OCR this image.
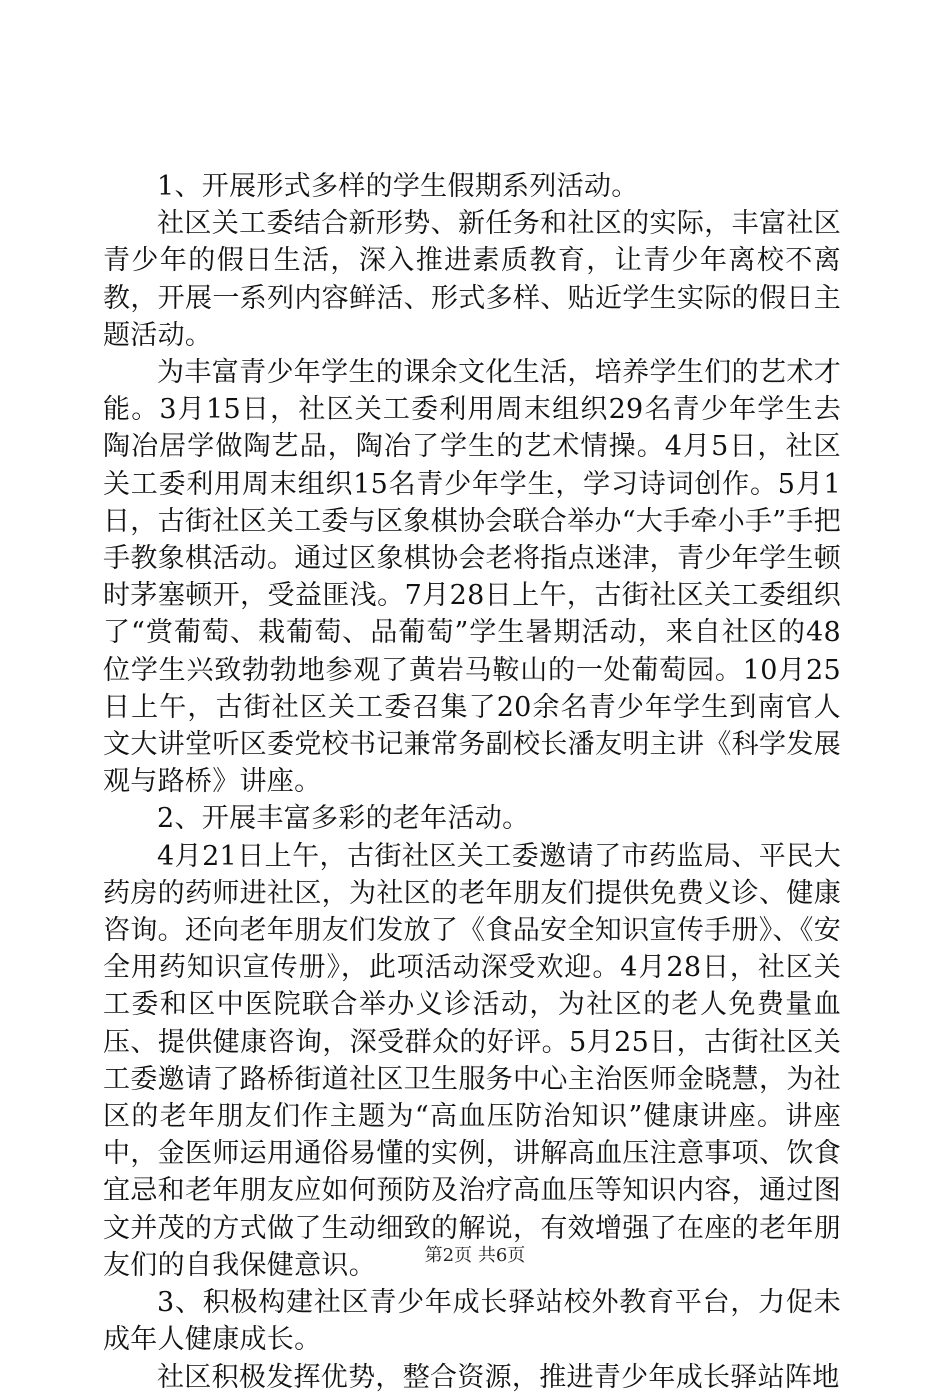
1、开展形式多样的学生假期系列活动。

社区关工委结合新形势、新任务和社区的实际，丰富社区青少年的假日生活，深入推进素质教育，让青少年离校不离教，开展一系列内容鲜活、形式多样、贴近学生实际的假日主题活动。

为丰富青少年学生的课余文化生活，培养学生们的艺术才能。3月15日，社区关工委利用周末组织29名青少年学生去陶冶居学做陶艺品，陶冶了学生的艺术情操。4月5日，社区关工委利用周末组织15名青少年学生，学习诗词创作。5月1日，古街社区关工委与区象棋协会联合举办“大手牵小手”手把手教象棋活动。通过区象棋协会老将指点迷津，青少年学生顿时茅塞顿开，受益匪浅。7月28日上午，古街社区关工委组织了“赏葡萄、栽葡萄、品葡萄”学生暑期活动，来自社区的48位学生兴致勃勃地参观了黄岩马鞍山的一处葡萄园。10月25日上午，古街社区关工委召集了20余名青少年学生到南官人文大讲堂听区委党校书记兼常务副校长潘友明主讲《科学发展观与路桥》讲座。

2、开展丰富多彩的老年活动。

4月21日上午，古街社区关工委邀请了市药监局、平民大药房的药师进社区，为社区的老年朋友们提供免费义诊、健康咨询。还向老年朋友们发放了《食品安全知识宣传手册》、《安全用药知识宣传册》，此项活动深受欢迎。4月28日，社区关工委和区中医院联合举办义诊活动，为社区的老人免费量血压、提供健康咨询，深受群众的好评。5月25日，古街社区关工委邀请了路桥街道社区卫生服务中心主治医师金晓慧，为社区的老年朋友们作主题为“高血压防治知识”健康讲座。讲座中，金医师运用通俗易懂的实例，讲解高血压注意事项、饮食宜忌和老年朋友应如何预防及治疗高血压等知识内容，通过图文并茂的方式做了生动细致的解说，有效增强了在座的老年朋友们的自我保健意识。

3、积极构建社区青少年成长驿站校外教育平台，力促未成年人健康成长。

社区积极发挥优势，整合资源，推进青少年成长驿站阵地

第2页 共6页
